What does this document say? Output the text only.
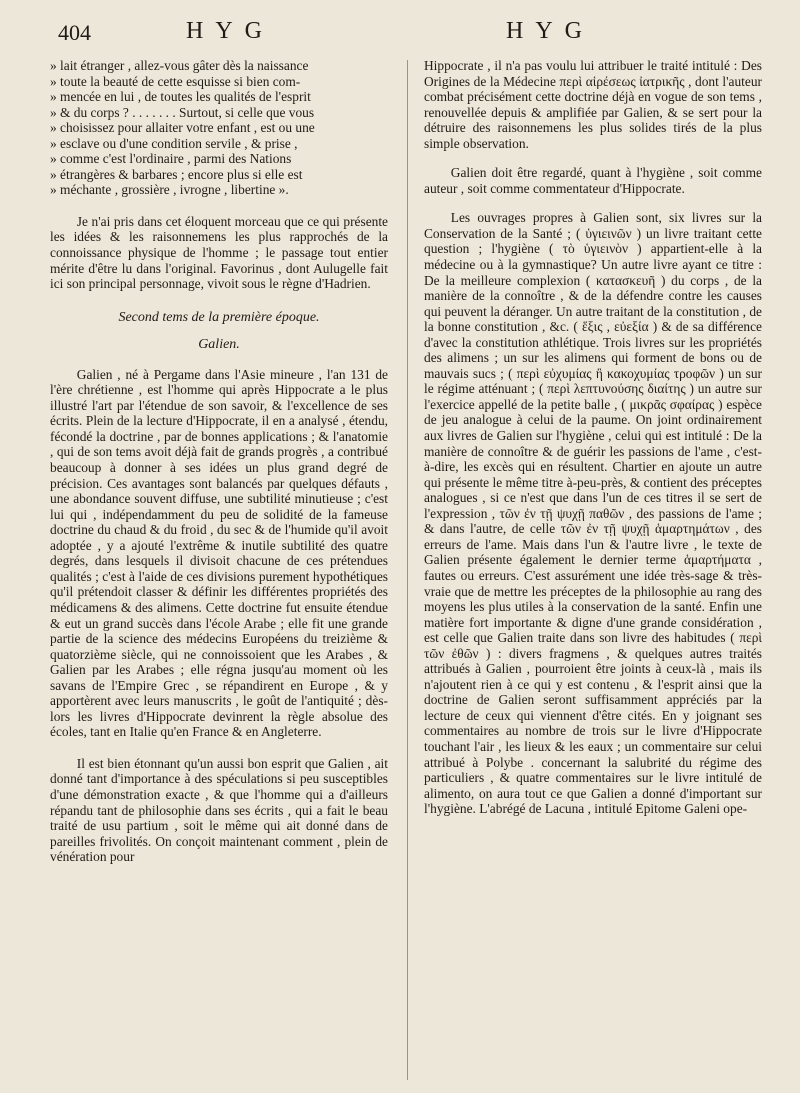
404	HYG	HYG
» lait étranger , allez-vous gâter dès la naissance
» toute la beauté de cette esquisse si bien com-
» mencée en lui , de toutes les qualités de l'esprit
» & du corps ? . . . . . . . Surtout, si celle que vous
» choisissez pour allaiter votre enfant , est ou une
» esclave ou d'une condition servile , & prise ,
» comme c'est l'ordinaire , parmi des Nations
» étrangères & barbares ; encore plus si elle est
» méchante , grossière , ivrogne , libertine ».

Je n'ai pris dans cet éloquent morceau que ce qui présente les idées & les raisonnemens les plus rapprochés de la connoissance physique de l'homme ; le passage tout entier mérite d'être lu dans l'original. Favorinus , dont Aulugelle fait ici son principal personnage, vivoit sous le règne d'Hadrien.

Second tems de la première époque.
Galien.

Galien , né à Pergame dans l'Asie mineure , l'an 131 de l'ère chrétienne , est l'homme qui après Hippocrate a le plus illustré l'art par l'étendue de son savoir, & l'excellence de ses écrits. Plein de la lecture d'Hippocrate, il en a analysé , étendu, fécondé la doctrine , par de bonnes applications ; & l'anatomie , qui de son tems avoit déjà fait de grands progrès , a contribué beaucoup à donner à ses idées un plus grand degré de précision. Ces avantages sont balancés par quelques défauts , une abondance souvent diffuse, une subtilité minutieuse ; c'est lui qui , indépendamment du peu de solidité de la fameuse doctrine du chaud & du froid , du sec & de l'humide qu'il avoit adoptée , y a ajouté l'extrême & inutile subtilité des quatre degrés, dans lesquels il divisoit chacune de ces prétendues qualités ; c'est à l'aide de ces divisions purement hypothétiques qu'il prétendoit classer & définir les différentes propriétés des médicamens & des alimens. Cette doctrine fut ensuite étendue & eut un grand succès dans l'école Arabe ; elle fit une grande partie de la science des médecins Européens du treizième & quatorzième siècle, qui ne connoissoient que les Arabes , & Galien par les Arabes ; elle régna jusqu'au moment où les savans de l'Empire Grec , se répandirent en Europe , & y apportèrent avec leurs manuscrits , le goût de l'antiquité ; dès-lors les livres d'Hippocrate devinrent la règle absolue des écoles, tant en Italie qu'en France & en Angleterre.

Il est bien étonnant qu'un aussi bon esprit que Galien , ait donné tant d'importance à des spéculations si peu susceptibles d'une démonstration exacte , & que l'homme qui a d'ailleurs répandu tant de philosophie dans ses écrits , qui a fait le beau traité de usu partium , soit le même qui ait donné dans de pareilles frivolités. On conçoit maintenant comment , plein de vénération pour

Hippocrate , il n'a pas voulu lui attribuer le traité intitulé : Des Origines de la Médecine περὶ αἱρέσεως ἰατρικῆς , dont l'auteur combat précisément cette doctrine déjà en vogue de son tems , renouvellée depuis & amplifiée par Galien, & se sert pour la détruire des raisonnemens les plus solides tirés de la plus simple observation.

Galien doit être regardé, quant à l'hygiène , soit comme auteur , soit comme commentateur d'Hippocrate.

Les ouvrages propres à Galien sont, six livres sur la Conservation de la Santé ; ( ὑγιεινῶν ) un livre traitant cette question ; l'hygiène ( τὸ ὑγιεινὸν ) appartient-elle à la médecine ou à la gymnastique? Un autre livre ayant ce titre : De la meilleure complexion ( κατασκευῆ ) du corps , de la manière de la connoître , & de la défendre contre les causes qui peuvent la déranger. Un autre traitant de la constitution , de la bonne constitution , &c. ( ἕξις , εὐεξία ) & de sa différence d'avec la constitution athlétique. Trois livres sur les propriétés des alimens ; un sur les alimens qui forment de bons ou de mauvais sucs ; ( περὶ εὐχυμίας ἢ κακοχυμίας τροφῶν ) un sur le régime atténuant ; ( περὶ λεπτυνούσης διαίτης ) un autre sur l'exercice appellé de la petite balle , ( μικρᾶς σφαίρας ) espèce de jeu analogue à celui de la paume. On joint ordinairement aux livres de Galien sur l'hygiène , celui qui est intitulé : De la manière de connoître & de guérir les passions de l'ame , c'est-à-dire, les excès qui en résultent. Chartier en ajoute un autre qui présente le même titre à-peu-près, & contient des préceptes analogues , si ce n'est que dans l'un de ces titres il se sert de l'expression , τῶν ἐν τῇ ψυχῇ παθῶν , des passions de l'ame ; & dans l'autre, de celle τῶν ἐν τῇ ψυχῇ ἁμαρτημάτων , des erreurs de l'ame. Mais dans l'un & l'autre livre , le texte de Galien présente également le dernier terme ἁμαρτήματα , fautes ou erreurs. C'est assurément une idée très-sage & très-vraie que de mettre les préceptes de la philosophie au rang des moyens les plus utiles à la conservation de la santé. Enfin une matière fort importante & digne d'une grande considération , est celle que Galien traite dans son livre des habitudes ( περὶ τῶν ἐθῶν ) : divers fragmens , & quelques autres traités attribués à Galien , pourroient être joints à ceux-là , mais ils n'ajoutent rien à ce qui y est contenu , & l'esprit ainsi que la doctrine de Galien seront suffisamment appréciés par la lecture de ceux qui viennent d'être cités. En y joignant ses commentaires au nombre de trois sur le livre d'Hippocrate touchant l'air , les lieux & les eaux ; un commentaire sur celui attribué à Polybe . concernant la salubrité du régime des particuliers , & quatre commentaires sur le livre intitulé de alimento, on aura tout ce que Galien a donné d'important sur l'hygiène. L'abrégé de Lacuna , intitulé Epitome Galeni ope-
